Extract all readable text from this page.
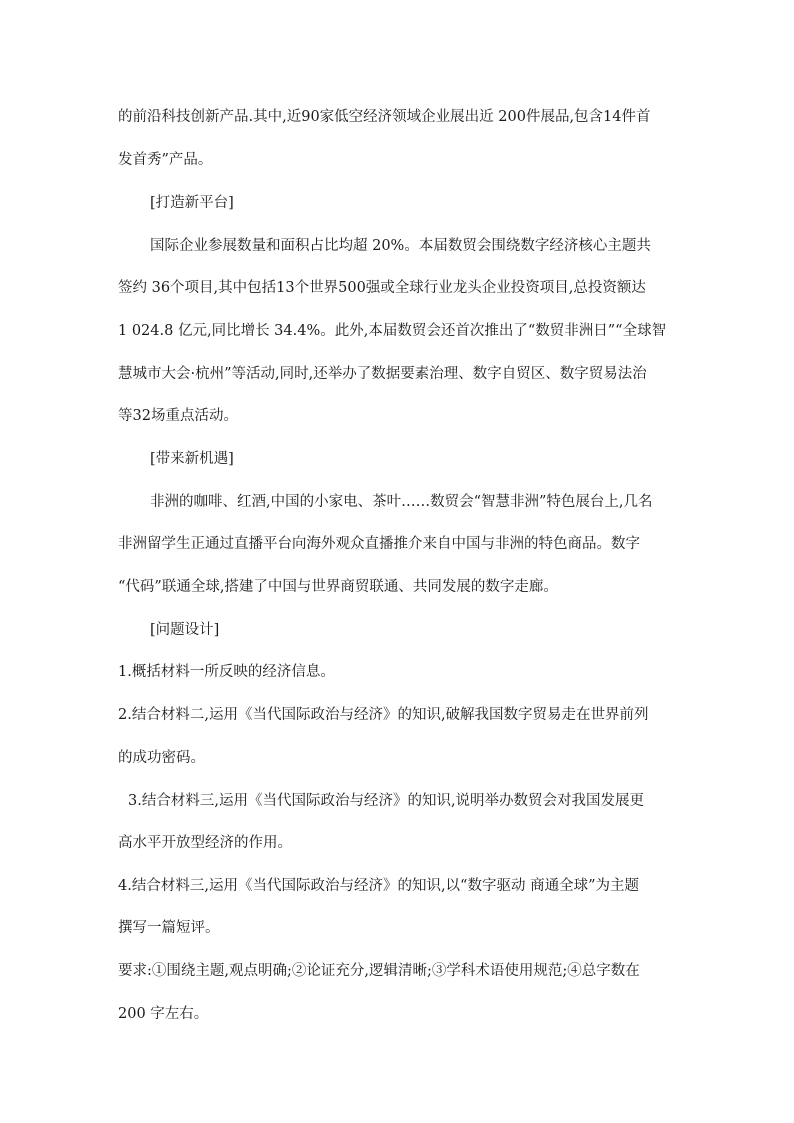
的前沿科技创新产品.其中,近90家低空经济领域企业展出近 200件展品,包含14件首
发首秀”产品。
[打造新平台]
国际企业参展数量和面积占比均超 20%。本届数贸会围绕数字经济核心主题共
签约 36个项目,其中包括13个世界500强或全球行业龙头企业投资项目,总投资额达
1 024.8 亿元,同比增长 34.4%。此外,本届数贸会还首次推出了“数贸非洲日”“全球智
慧城市大会·杭州”等活动,同时,还举办了数据要素治理、数字自贸区、数字贸易法治
等32场重点活动。
[带来新机遇]
非洲的咖啡、红酒,中国的小家电、茶叶……数贸会“智慧非洲”特色展台上,几名
非洲留学生正通过直播平台向海外观众直播推介来自中国与非洲的特色商品。数字
“代码”联通全球,搭建了中国与世界商贸联通、共同发展的数字走廊。
[问题设计]
1.概括材料一所反映的经济信息。
2.结合材料二,运用《当代国际政治与经济》的知识,破解我国数字贸易走在世界前列
的成功密码。
3.结合材料三,运用《当代国际政治与经济》的知识,说明举办数贸会对我国发展更
高水平开放型经济的作用。
4.结合材料三,运用《当代国际政治与经济》的知识,以“数字驱动 商通全球”为主题
撰写一篇短评。
要求:①围绕主题,观点明确;②论证充分,逻辑清晰;③学科术语使用规范;④总字数在
200 字左右。
